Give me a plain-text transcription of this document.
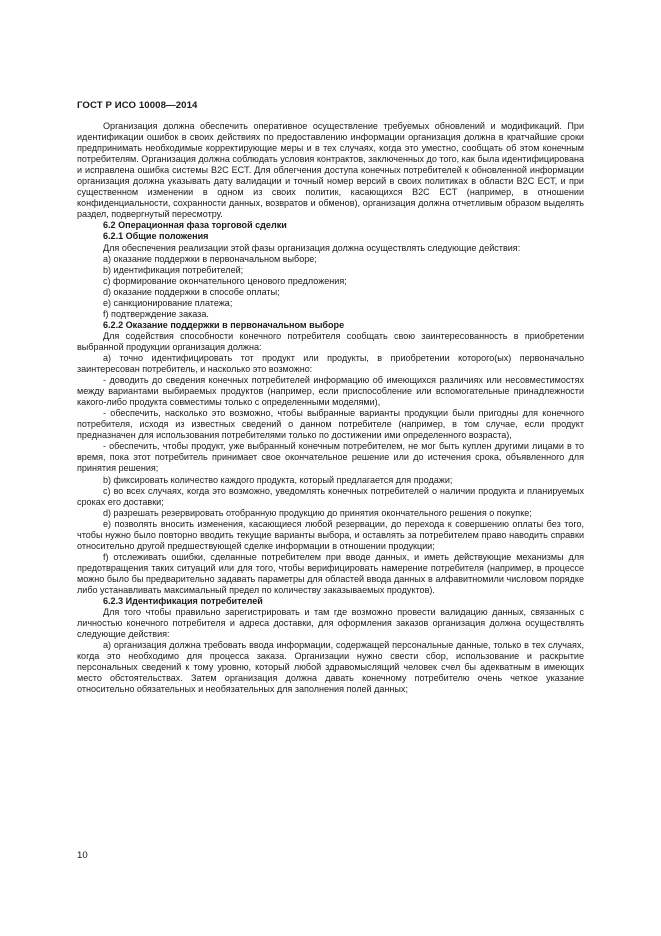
ГОСТ Р ИСО 10008—2014

Организация должна обеспечить оперативное осуществление требуемых обновлений и модификаций. При идентификации ошибок в своих действиях по предоставлению информации организация должна в кратчайшие сроки предпринимать необходимые корректирующие меры и в тех случаях, когда это уместно, сообщать об этом конечным потребителям. Организация должна соблюдать условия контрактов, заключенных до того, как была идентифицирована и исправлена ошибка системы B2C ECT. Для облегчения доступа конечных потребителей к обновленной информации организация должна указывать дату валидации и точный номер версий в своих политиках в области B2C ECT, и при существенном изменении в одном из своих политик, касающихся B2C ECT (например, в отношении конфиденциальности, сохранности данных, возвратов и обменов), организация должна отчетливым образом выделять раздел, подвергнутый пересмотру.

6.2 Операционная фаза торговой сделки

6.2.1 Общие положения

Для обеспечения реализации этой фазы организация должна осуществлять следующие действия:

а) оказание поддержки в первоначальном выборе;

b) идентификация потребителей;

c) формирование окончательного ценового предложения;

d) оказание поддержки в способе оплаты;

e) санкционирование платежа;

f) подтверждение заказа.

6.2.2 Оказание поддержки в первоначальном выборе

Для содействия способности конечного потребителя сообщать свою заинтересованность в приобретении выбранной продукции организация должна:

а) точно идентифицировать тот продукт или продукты, в приобретении которого(ых) первоначально заинтересован потребитель, и насколько это возможно:

- доводить до сведения конечных потребителей информацию об имеющихся различиях или несовместимостях между вариантами выбираемых продуктов (например, если приспособление или вспомогательные принадлежности какого-либо продукта совместимы только с определенными моделями),

- обеспечить, насколько это возможно, чтобы выбранные варианты продукции были пригодны для конечного потребителя, исходя из известных сведений о данном потребителе (например, в том случае, если продукт предназначен для использования потребителями только по достижении ими определенного возраста),

- обеспечить, чтобы продукт, уже выбранный конечным потребителем, не мог быть куплен другими лицами в то время, пока этот потребитель принимает свое окончательное решение или до истечения срока, объявленного для принятия решения;

b) фиксировать количество каждого продукта, который предлагается для продажи;

c) во всех случаях, когда это возможно, уведомлять конечных потребителей о наличии продукта и планируемых сроках его доставки;

d) разрешать резервировать отобранную продукцию до принятия окончательного решения о покупке;

e) позволять вносить изменения, касающиеся любой резервации, до перехода к совершению оплаты без того, чтобы нужно было повторно вводить текущие варианты выбора, и оставлять за потребителем право наводить справки относительно другой предшествующей сделке информации в отношении продукции;

f) отслеживать ошибки, сделанные потребителем при вводе данных, и иметь действующие механизмы для предотвращения таких ситуаций или для того, чтобы верифицировать намерение потребителя (например, в процессе можно было бы предварительно задавать параметры для областей ввода данных в алфавитномили числовом порядке либо устанавливать максимальный предел по количеству заказываемых продуктов).

6.2.3 Идентификация потребителей

Для того чтобы правильно зарегистрировать и там где возможно провести валидацию данных, связанных с личностью конечного потребителя и адреса доставки, для оформления заказов организация должна осуществлять следующие действия:

а) организация должна требовать ввода информации, содержащей персональные данные, только в тех случаях, когда это необходимо для процесса заказа. Организации нужно свести сбор, использование и раскрытие персональных сведений к тому уровню, который любой здравомыслящий человек счел бы адекватным в имеющих место обстоятельствах. Затем организация должна давать конечному потребителю очень четкое указание относительно обязательных и необязательных для заполнения полей данных;

10
